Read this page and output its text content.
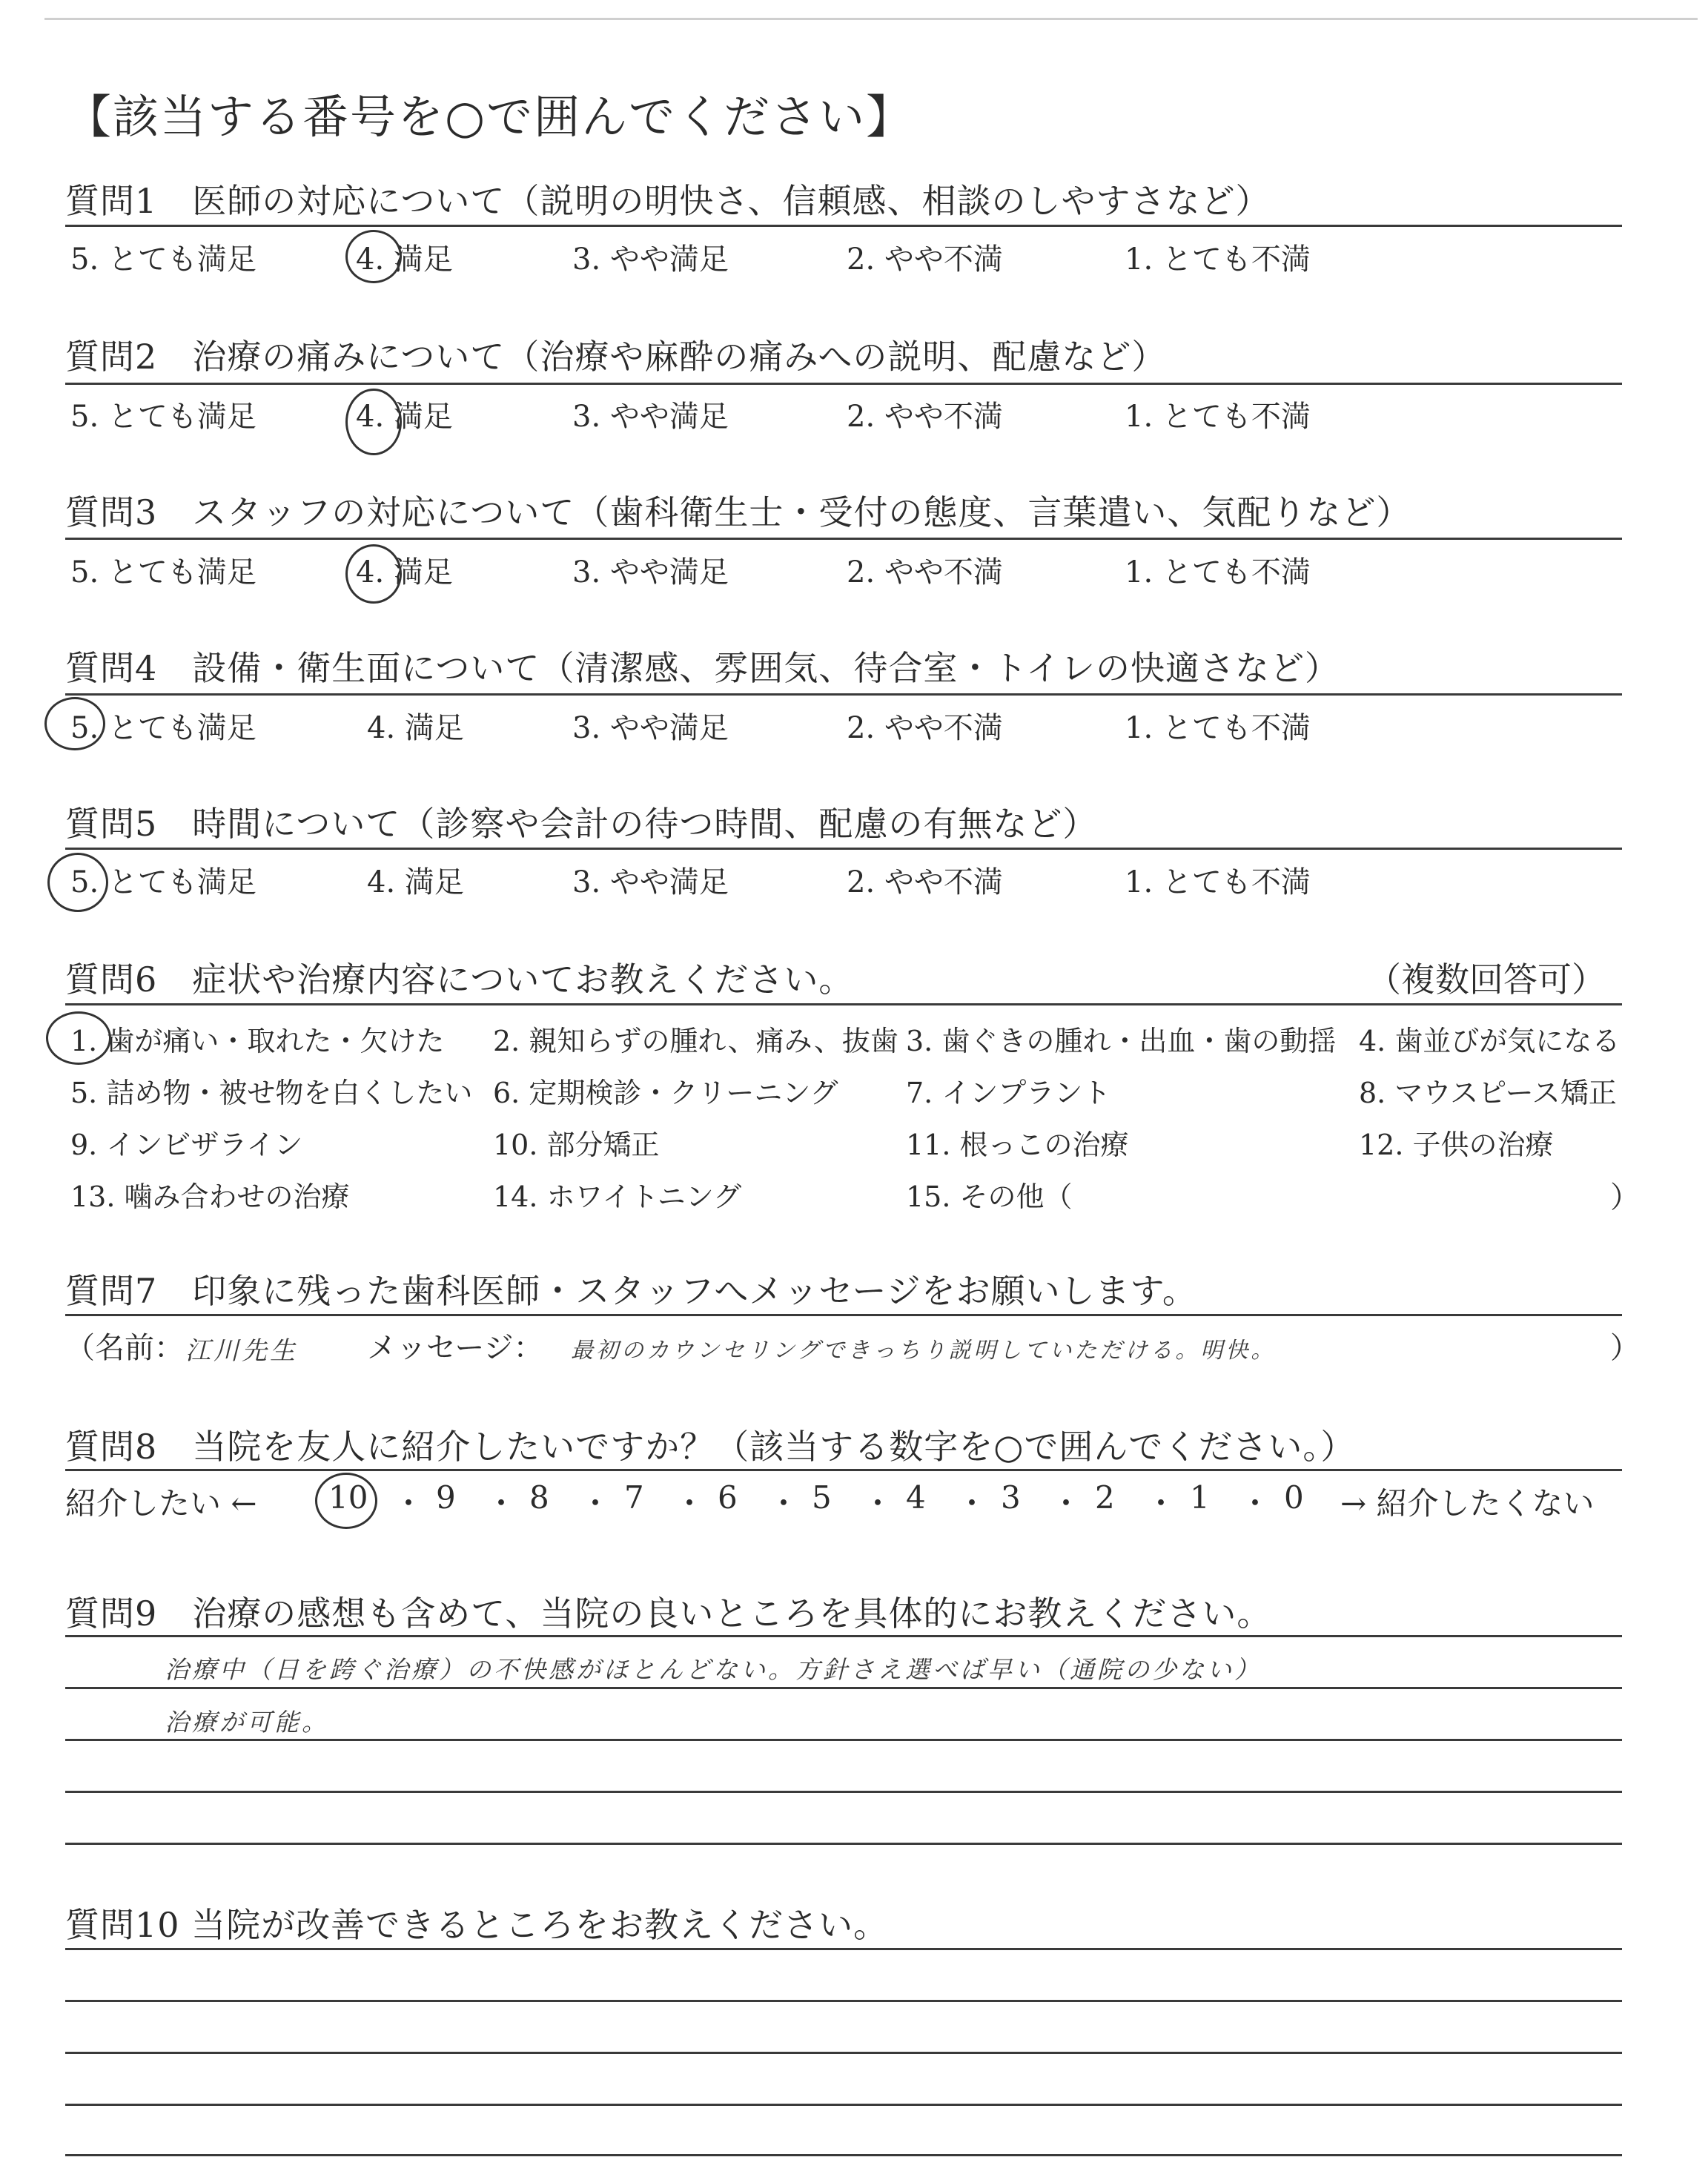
【該当する番号を○で囲んでください】
質問1　医師の対応について（説明の明快さ、信頼感、相談のしやすさなど）
5. とても満足	4. 満足	3. やや満足	2. やや不満	1. とても不満
質問2　治療の痛みについて（治療や麻酔の痛みへの説明、配慮など）
5. とても満足	4. 満足	3. やや満足	2. やや不満	1. とても不満
質問3　スタッフの対応について（歯科衛生士・受付の態度、言葉遣い、気配りなど）
5. とても満足	4. 満足	3. やや満足	2. やや不満	1. とても不満
質問4　設備・衛生面について（清潔感、雰囲気、待合室・トイレの快適さなど）
5. とても満足	4. 満足	3. やや満足	2. やや不満	1. とても不満
質問5　時間について（診察や会計の待つ時間、配慮の有無など）
5. とても満足	4. 満足	3. やや満足	2. やや不満	1. とても不満
質問6　症状や治療内容についてお教えください。	（複数回答可）
1. 歯が痛い・取れた・欠けた 2. 親知らずの腫れ、痛み、抜歯 3. 歯ぐきの腫れ・出血・歯の動揺 4. 歯並びが気になる
5. 詰め物・被せ物を白くしたい 6. 定期検診・クリーニング 7. インプラント	8. マウスピース矯正
9. インビザライン	10. 部分矯正	11. 根っこの治療	12. 子供の治療
13. 噛み合わせの治療	14. ホワイトニング	15. その他（	）
質問7　印象に残った歯科医師・スタッフへメッセージをお願いします。
（名前： 江川先生 メッセージ： 最初のカウンセリングできっちり説明していただける。明快。	）
質問8　当院を友人に紹介したいですか？（該当する数字を○で囲んでください。）
紹介したい ←	→ 紹介したくない
10 ・ 9 ・ 8 ・ 7 ・ 6 ・ 5 ・ 4 ・ 3 ・ 2 ・ 1 ・ 0
質問9　治療の感想も含めて、当院の良いところを具体的にお教えください。
治療中（日を跨ぐ治療）の不快感がほとんどない。方針さえ選べば早い（通院の少ない）
治療が可能。
質問10 当院が改善できるところをお教えください。
